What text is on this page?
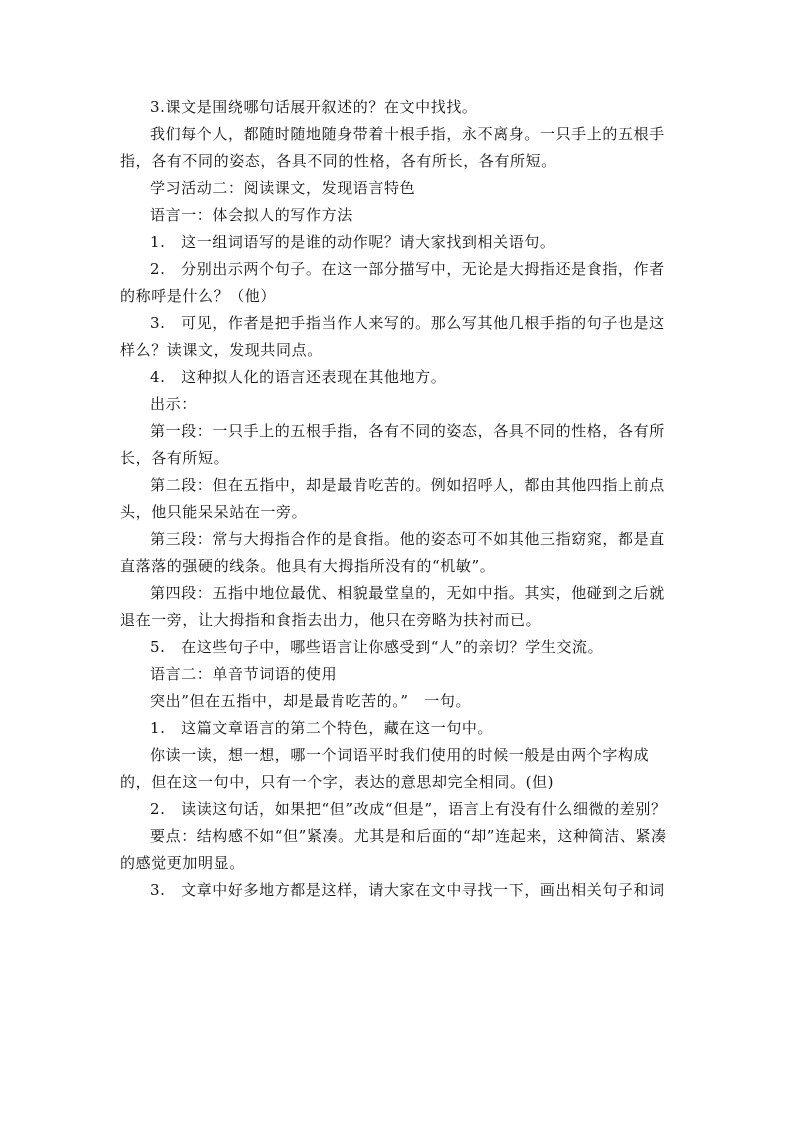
3.课文是围绕哪句话展开叙述的？在文中找找。

我们每个人，都随时随地随身带着十根手指，永不离身。一只手上的五根手指，各有不同的姿态，各具不同的性格，各有所长，各有所短。

学习活动二：阅读课文，发现语言特色

语言一：体会拟人的写作方法

1.　这一组词语写的是谁的动作呢？请大家找到相关语句。

2.　分别出示两个句子。在这一部分描写中，无论是大拇指还是食指，作者的称呼是什么？（他）

3.　可见，作者是把手指当作人来写的。那么写其他几根手指的句子也是这样么？读课文，发现共同点。

4.　这种拟人化的语言还表现在其他地方。

出示：

第一段：一只手上的五根手指，各有不同的姿态，各具不同的性格，各有所长，各有所短。

第二段：但在五指中，却是最肯吃苦的。例如招呼人，都由其他四指上前点头，他只能呆呆站在一旁。

第三段：常与大拇指合作的是食指。他的姿态可不如其他三指窈窕，都是直直落落的强硬的线条。他具有大拇指所没有的“机敏”。

第四段：五指中地位最优、相貌最堂皇的，无如中指。其实，他碰到之后就退在一旁，让大拇指和食指去出力，他只在旁略为扶衬而已。

5.　在这些句子中，哪些语言让你感受到“人”的亲切？学生交流。

语言二：单音节词语的使用

突出”但在五指中，却是最肯吃苦的。”　一句。

1.　这篇文章语言的第二个特色，藏在这一句中。

你读一读，想一想，哪一个词语平时我们使用的时候一般是由两个字构成的，但在这一句中，只有一个字，表达的意思却完全相同。(但)

2.　读读这句话，如果把“但”改成“但是”，语言上有没有什么细微的差别？

要点：结构感不如“但”紧凑。尤其是和后面的“却”连起来，这种简洁、紧凑的感觉更加明显。

3.　文章中好多地方都是这样，请大家在文中寻找一下，画出相关句子和词
